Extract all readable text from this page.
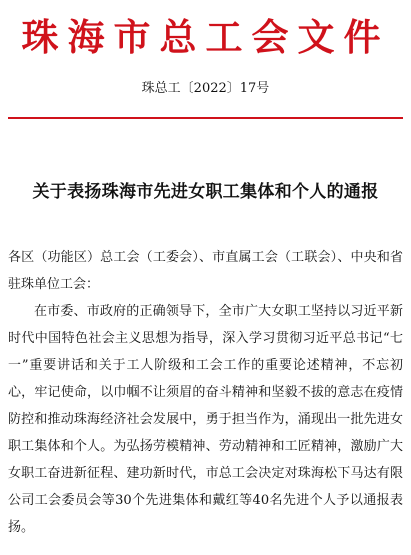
珠海市总工会文件
珠总工〔2022〕17号
关于表扬珠海市先进女职工集体和个人的通报

各区（功能区）总工会（工委会）、市直属工会（工联会）、中央和省驻珠单位工会：

在市委、市政府的正确领导下，全市广大女职工坚持以习近平新时代中国特色社会主义思想为指导，深入学习贯彻习近平总书记“七一”重要讲话和关于工人阶级和工会工作的重要论述精神，不忘初心，牢记使命，以巾帼不让须眉的奋斗精神和坚毅不拔的意志在疫情防控和推动珠海经济社会发展中，勇于担当作为，涌现出一批先进女职工集体和个人。为弘扬劳模精神、劳动精神和工匠精神，激励广大女职工奋进新征程、建功新时代，市总工会决定对珠海松下马达有限公司工会委员会等30个先进集体和戴红等40名先进个人予以通报表扬。
